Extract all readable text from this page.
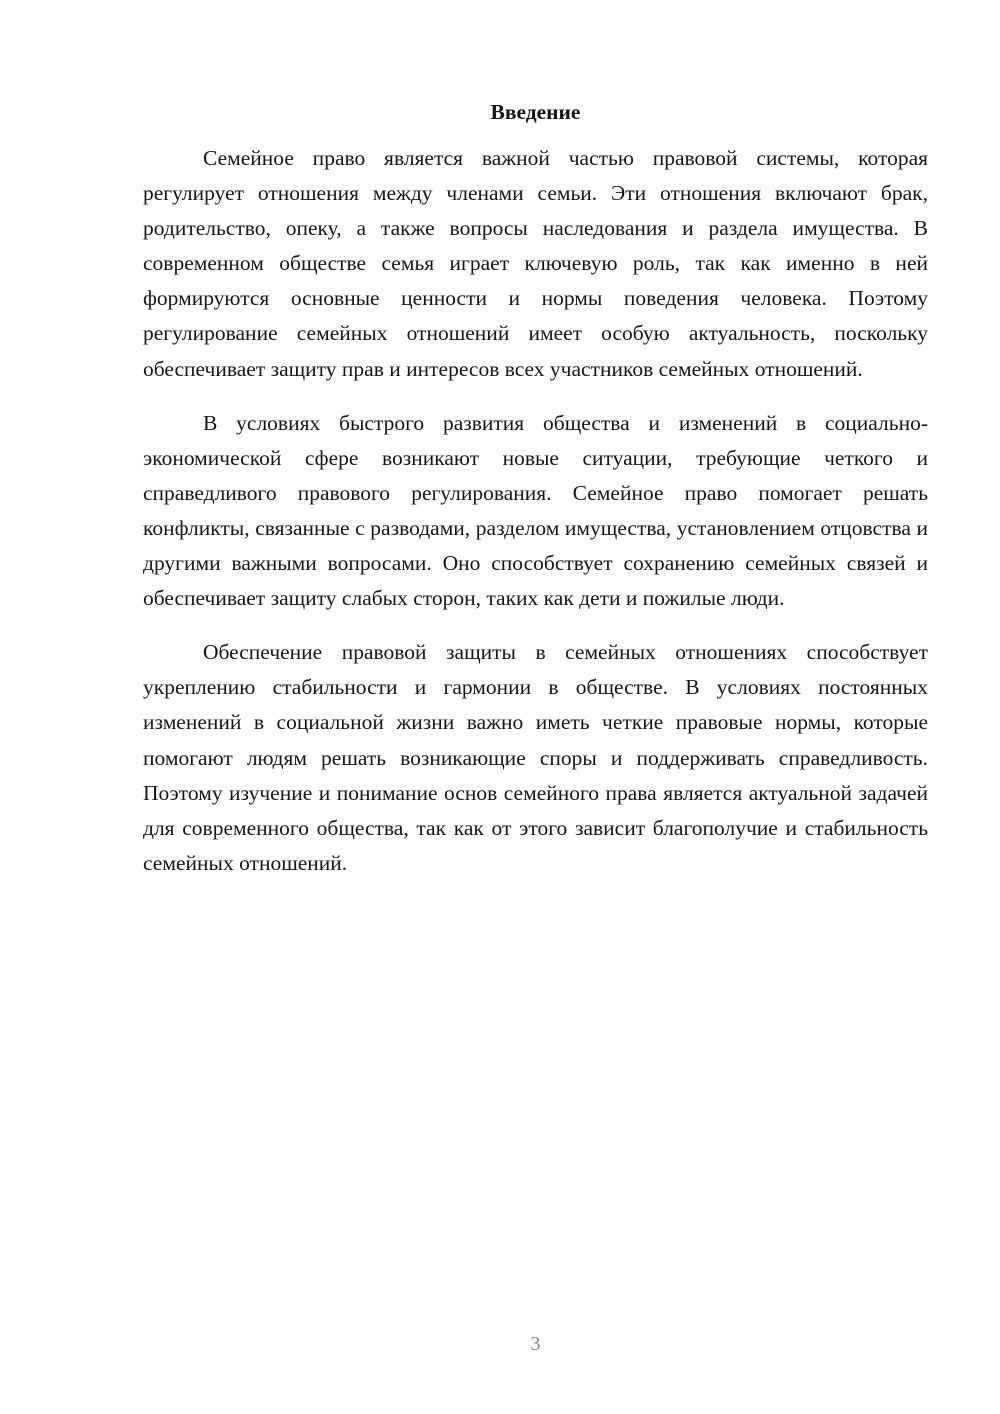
Введение

Семейное право является важной частью правовой системы, которая регулирует отношения между членами семьи. Эти отношения включают брак, родительство, опеку, а также вопросы наследования и раздела имущества. В современном обществе семья играет ключевую роль, так как именно в ней формируются основные ценности и нормы поведения человека. Поэтому регулирование семейных отношений имеет особую актуальность, поскольку обеспечивает защиту прав и интересов всех участников семейных отношений.

В условиях быстрого развития общества и изменений в социально-экономической сфере возникают новые ситуации, требующие четкого и справедливого правового регулирования. Семейное право помогает решать конфликты, связанные с разводами, разделом имущества, установлением отцовства и другими важными вопросами. Оно способствует сохранению семейных связей и обеспечивает защиту слабых сторон, таких как дети и пожилые люди.

Обеспечение правовой защиты в семейных отношениях способствует укреплению стабильности и гармонии в обществе. В условиях постоянных изменений в социальной жизни важно иметь четкие правовые нормы, которые помогают людям решать возникающие споры и поддерживать справедливость. Поэтому изучение и понимание основ семейного права является актуальной задачей для современного общества, так как от этого зависит благополучие и стабильность семейных отношений.

3
